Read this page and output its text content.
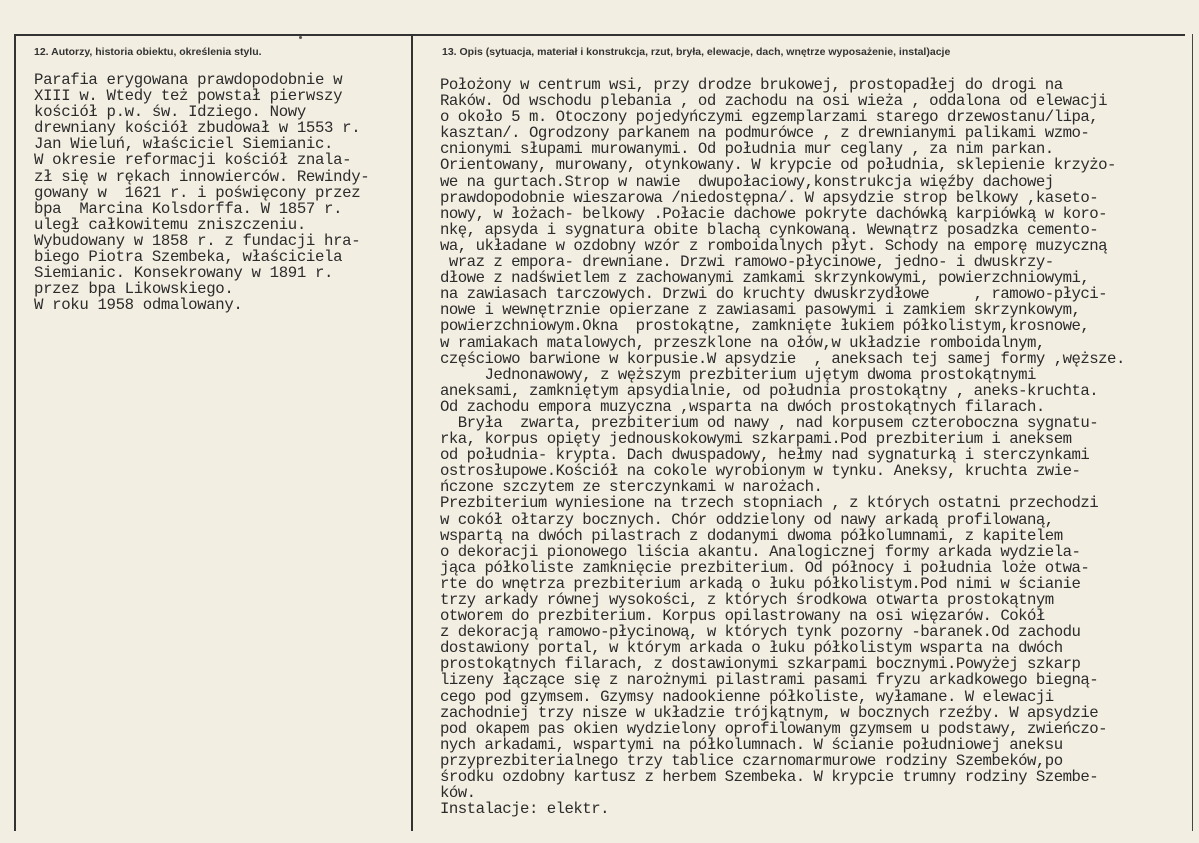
12. Autorzy, historia obiektu, określenia stylu.	13. Opis (sytuacja, materiał i konstrukcja, rzut, bryła, elewacje, dach, wnętrze wyposażenie, instal)acje
Parafia erygowana prawdopodobnie w
XIII w. Wtedy też powstał pierwszy
kościół p.w. św. Idziego. Nowy
drewniany kościół zbudował w 1553 r.
Jan Wieluń, właściciel Siemianic.
W okresie reformacji kościół znala-
zł się w rękach innowierców. Rewindy-
gowany w  1621 r. i poświęcony przez
bpa  Marcina Kolsdorffa. W 1857 r.
uległ całkowitemu zniszczeniu.
Wybudowany w 1858 r. z fundacji hra-
biego Piotra Szembeka, właściciela
Siemianic. Konsekrowany w 1891 r.
przez bpa Likowskiego.
W roku 1958 odmalowany.
Położony w centrum wsi, przy drodze brukowej, prostopadłej do drogi na
Raków. Od wschodu plebania , od zachodu na osi wieża , oddalona od elewacji
o około 5 m. Otoczony pojedyńczymi egzemplarzami starego drzewostanu/lipa,
kasztan/. Ogrodzony parkanem na podmurówce , z drewnianymi palikami wzmo-
cnionymi słupami murowanymi. Od południa mur ceglany , za nim parkan.
Orientowany, murowany, otynkowany. W krypcie od południa, sklepienie krzyżo-
we na gurtach.Strop w nawie  dwupołaciowy,konstrukcja więźby dachowej
prawdopodobnie wieszarowa /niedostępna/. W apsydzie strop belkowy ,kaseto-
nowy, w łożach- belkowy .Połacie dachowe pokryte dachówką karpiówką w koro-
nkę, apsyda i sygnatura obite blachą cynkowaną. Wewnątrz posadzka cemento-
wa, układane w ozdobny wzór z romboidalnych płyt. Schody na emporę muzyczną
wraz z empora- drewniane. Drzwi ramowo-płycinowe, jedno- i dwuskrzy-
dłowe z nadświetlem z zachowanymi zamkami skrzynkowymi, powierzchniowymi,
na zawiasach tarczowych. Drzwi do kruchty dwuskrzydłowe     , ramowo-płyci-
nowe i wewnętrznie opierzane z zawiasami pasowymi i zamkiem skrzynkowym,
powierzchniowym.Okna  prostokątne, zamknięte łukiem półkolistym,krosnowe,
w ramiakach matalowych, przeszklone na ołów,w układzie romboidalnym,
częściowo barwione w korpusie.W apsydzie  , aneksach tej samej formy ,węższe.
Jednonawowy, z węższym prezbiterium ujętym dwoma prostokątnymi
aneksami, zamkniętym apsydialnie, od południa prostokątny , aneks-kruchta.
Od zachodu empora muzyczna ,wsparta na dwóch prostokątnych filarach.
Bryła  zwarta, prezbiterium od nawy , nad korpusem czteroboczna sygnatu-
rka, korpus opięty jednouskokowymi szkarpami.Pod prezbiterium i aneksem
od południa- krypta. Dach dwuspadowy, hełmy nad sygnaturką i sterczynkami
ostrosłupowe.Kościół na cokole wyrobionym w tynku. Aneksy, kruchta zwie-
ńczone szczytem ze sterczynkami w narożach.
Prezbiterium wyniesione na trzech stopniach , z których ostatni przechodzi
w cokół ołtarzy bocznych. Chór oddzielony od nawy arkadą profilowaną,
wspartą na dwóch pilastrach z dodanymi dwoma półkolumnami, z kapitelem
o dekoracji pionowego liścia akantu. Analogicznej formy arkada wydziela-
jąca półkoliste zamknięcie prezbiterium. Od północy i południa loże otwa-
rte do wnętrza prezbiterium arkadą o łuku półkolistym.Pod nimi w ścianie
trzy arkady równej wysokości, z których środkowa otwarta prostokątnym
otworem do prezbiterium. Korpus opilastrowany na osi więzarów. Cokół
z dekoracją ramowo-płycinową, w których tynk pozorny -baranek.Od zachodu
dostawiony portal, w którym arkada o łuku półkolistym wsparta na dwóch
prostokątnych filarach, z dostawionymi szkarpami bocznymi.Powyżej szkarp
lizeny łączące się z narożnymi pilastrami pasami fryzu arkadkowego biegną-
cego pod gzymsem. Gzymsy nadookienne półkoliste, wyłamane. W elewacji
zachodniej trzy nisze w układzie trójkątnym, w bocznych rzeźby. W apsydzie
pod okapem pas okien wydzielony oprofilowanym gzymsem u podstawy, zwieńczo-
nych arkadami, wspartymi na półkolumnach. W ścianie południowej aneksu
przyprezbiterialnego trzy tablice czarnomarmurowe rodziny Szembeków,po
środku ozdobny kartusz z herbem Szembeka. W krypcie trumny rodziny Szembe-
ków.
Instalacje: elektr.
